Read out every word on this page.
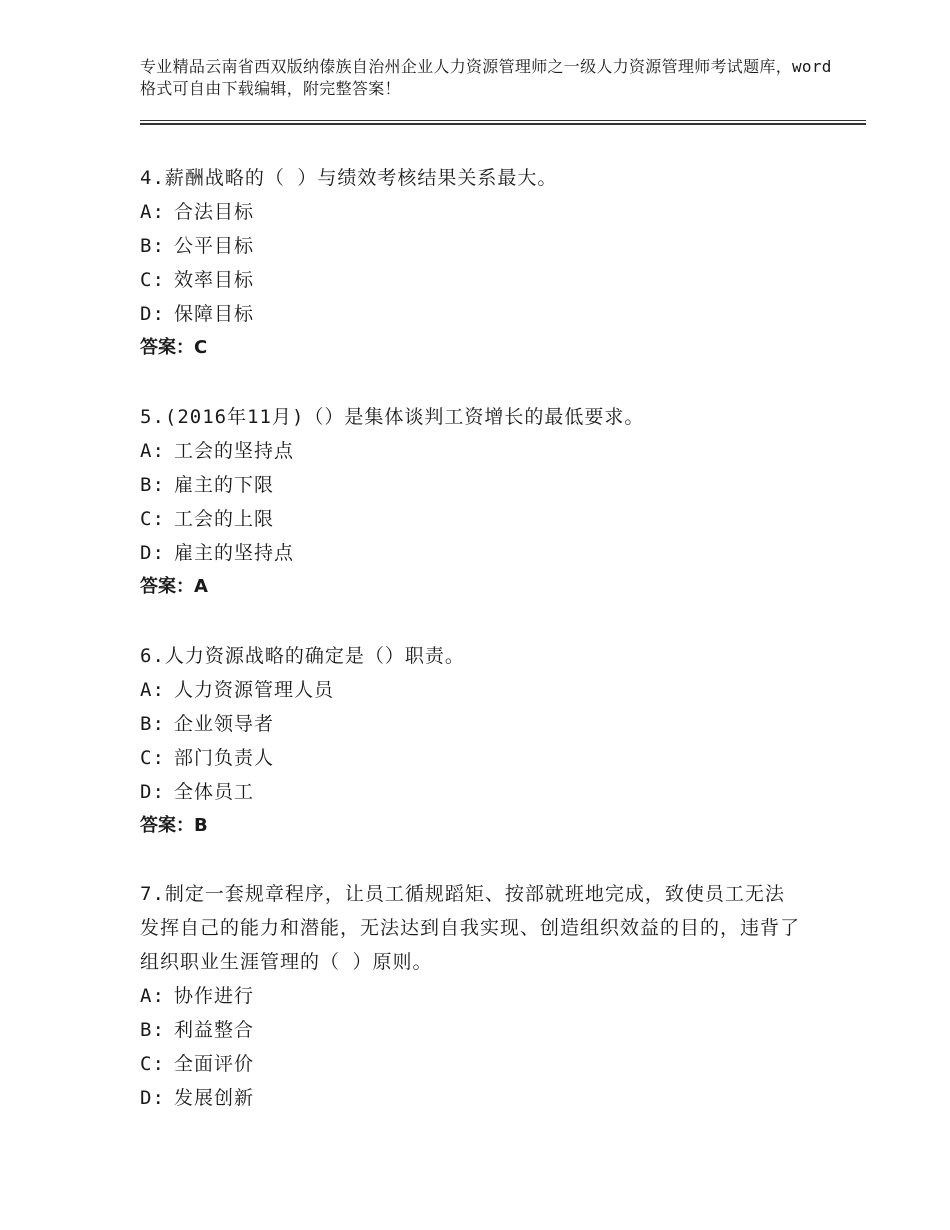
专业精品云南省西双版纳傣族自治州企业人力资源管理师之一级人力资源管理师考试题库，word格式可自由下载编辑，附完整答案！

4.薪酬战略的（ ）与绩效考核结果关系最大。

A: 合法目标

B: 公平目标

C: 效率目标

D: 保障目标

答案：C

5.(2016年11月)（）是集体谈判工资增长的最低要求。

A: 工会的坚持点

B: 雇主的下限

C: 工会的上限

D: 雇主的坚持点

答案：A

6.人力资源战略的确定是（）职责。

A: 人力资源管理人员

B: 企业领导者

C: 部门负责人

D: 全体员工

答案：B

7.制定一套规章程序，让员工循规蹈矩、按部就班地完成，致使员工无法发挥自己的能力和潜能，无法达到自我实现、创造组织效益的目的，违背了组织职业生涯管理的（ ）原则。

A: 协作进行

B: 利益整合

C: 全面评价

D: 发展创新
